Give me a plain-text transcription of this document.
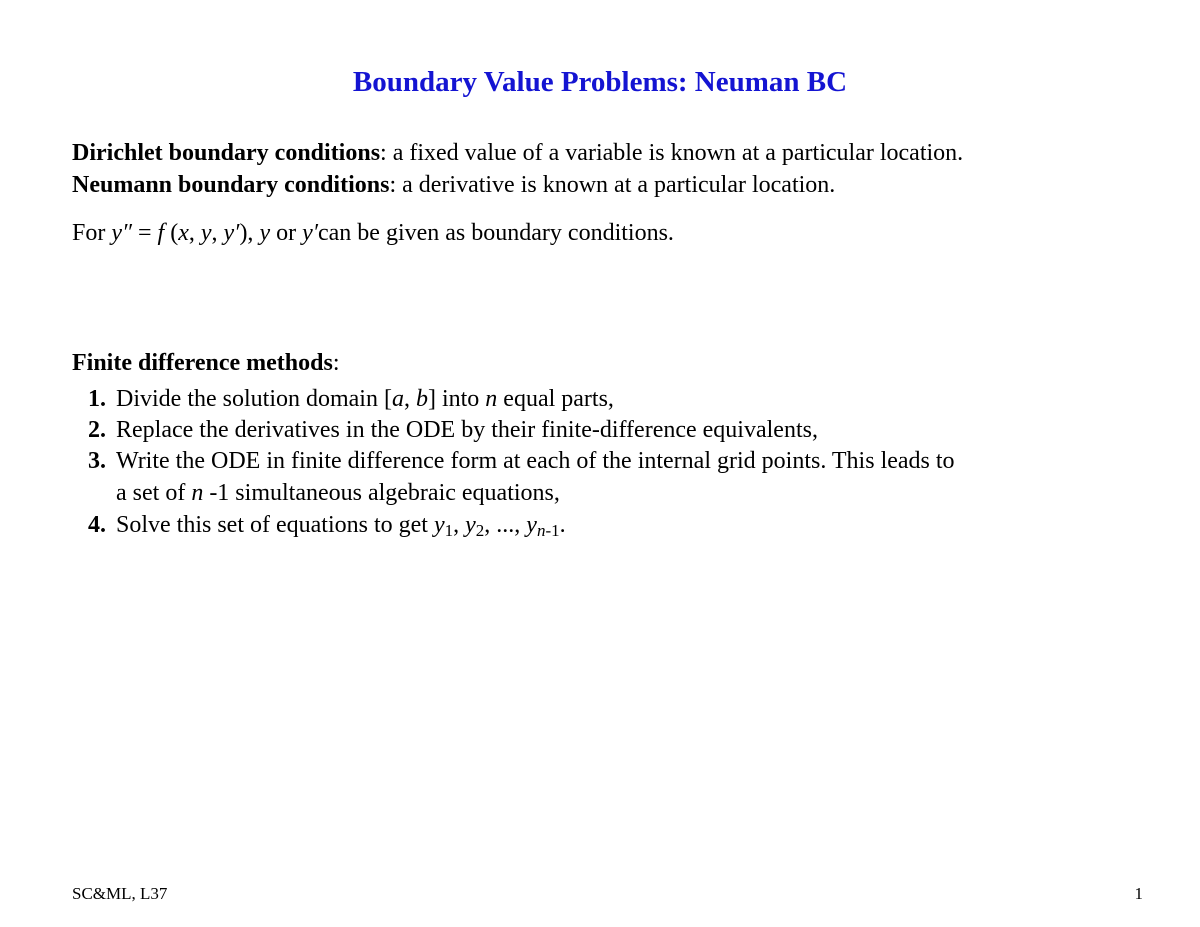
Boundary Value Problems: Neuman BC
Dirichlet boundary conditions: a fixed value of a variable is known at a particular location.
Neumann boundary conditions: a derivative is known at a particular location.
For y″ = f (x, y, y′), y or y′can be given as boundary conditions.
Finite difference methods:
1. Divide the solution domain [a, b] into n equal parts,
2. Replace the derivatives in the ODE by their finite-difference equivalents,
3. Write the ODE in finite difference form at each of the internal grid points. This leads to
a set of n -1 simultaneous algebraic equations,
4. Solve this set of equations to get $y_1$, $y_2$, ..., $y_{n-1}$.
SC&ML, L37	1
